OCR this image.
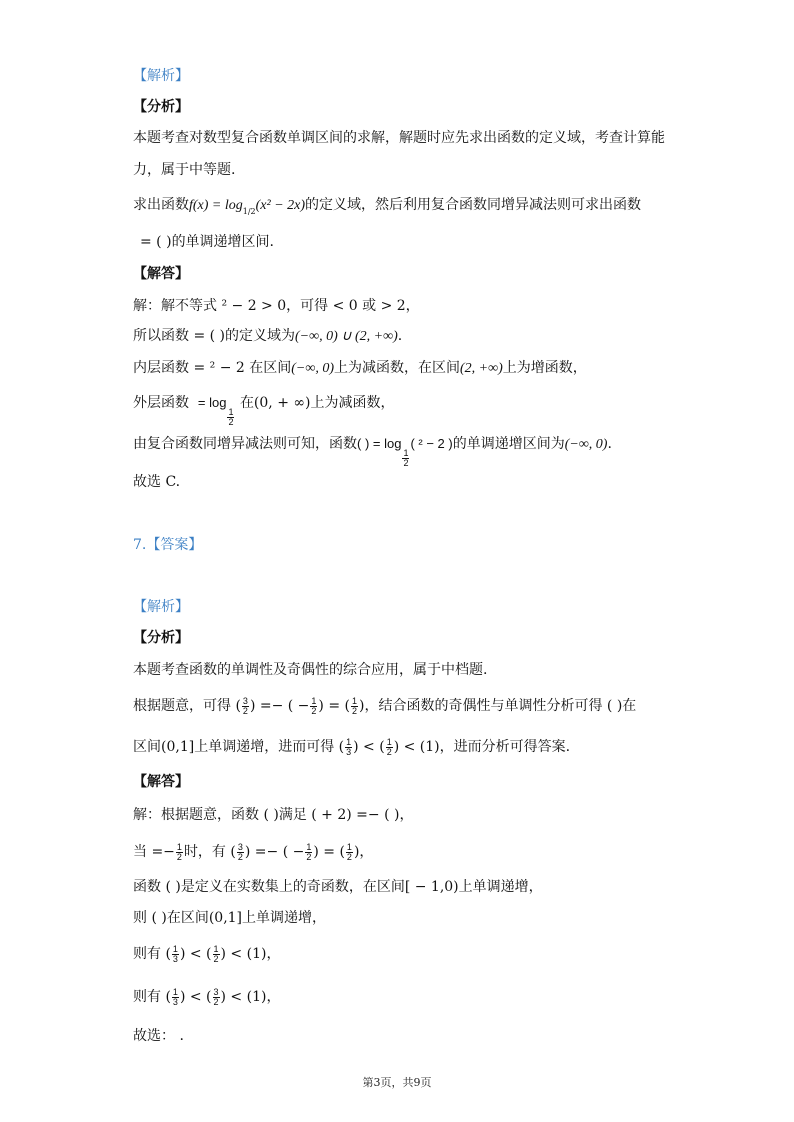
【解析】
【分析】
本题考查对数型复合函数单调区间的求解，解题时应先求出函数的定义域，考查计算能
力，属于中等题.
求出函数$f(x) = \log_{1/2}(x^2 - 2x)$的定义域，然后利用复合函数同增异减法则可求出函数
= ( )的单调递增区间.
【解答】
解：解不等式 ² − 2 > 0，可得 < 0 或 > 2，
所以函数 = ( )的定义域为(−∞, 0) ∪ (2, +∞).
内层函数 = ² − 2 在区间(−∞, 0)上为减函数，在区间(2, +∞)上为增函数，
外层函数 = log
$\frac{1}{2}$
在(0, + ∞)上为减函数，
由复合函数同增异减法则可知，函数( ) = log
$\frac{1}{2}$
( ² − 2 )的单调递增区间为(−∞, 0).
故选 C.
7.【答案】
【解析】
【分析】
本题考查函数的单调性及奇偶性的综合应用，属于中档题.
根据题意，可得 ( $\frac{3}{2}$ ) =− ( − $\frac{1}{2}$ ) = ( $\frac{1}{2}$ )，结合函数的奇偶性与单调性分析可得 ( )在
区间(0,1]上单调递增，进而可得 ( $\frac{1}{3}$ ) < ( $\frac{1}{2}$ ) < (1)，进而分析可得答案.
【解答】
解：根据题意，函数 ( )满足 ( + 2) =− ( )，
当 =− $\frac{1}{2}$ 时，有 ( $\frac{3}{2}$ ) =− ( − $\frac{1}{2}$ ) = ( $\frac{1}{2}$ )，
函数 ( )是定义在实数集上的奇函数，在区间[ − 1,0)上单调递增，
则 ( )在区间(0,1]上单调递增，
则有 ( $\frac{1}{3}$ ) < ( $\frac{1}{2}$ ) < (1)，
则有 ( $\frac{1}{3}$ ) < ( $\frac{3}{2}$ ) < (1)，
故选： .
第3页，共9页
